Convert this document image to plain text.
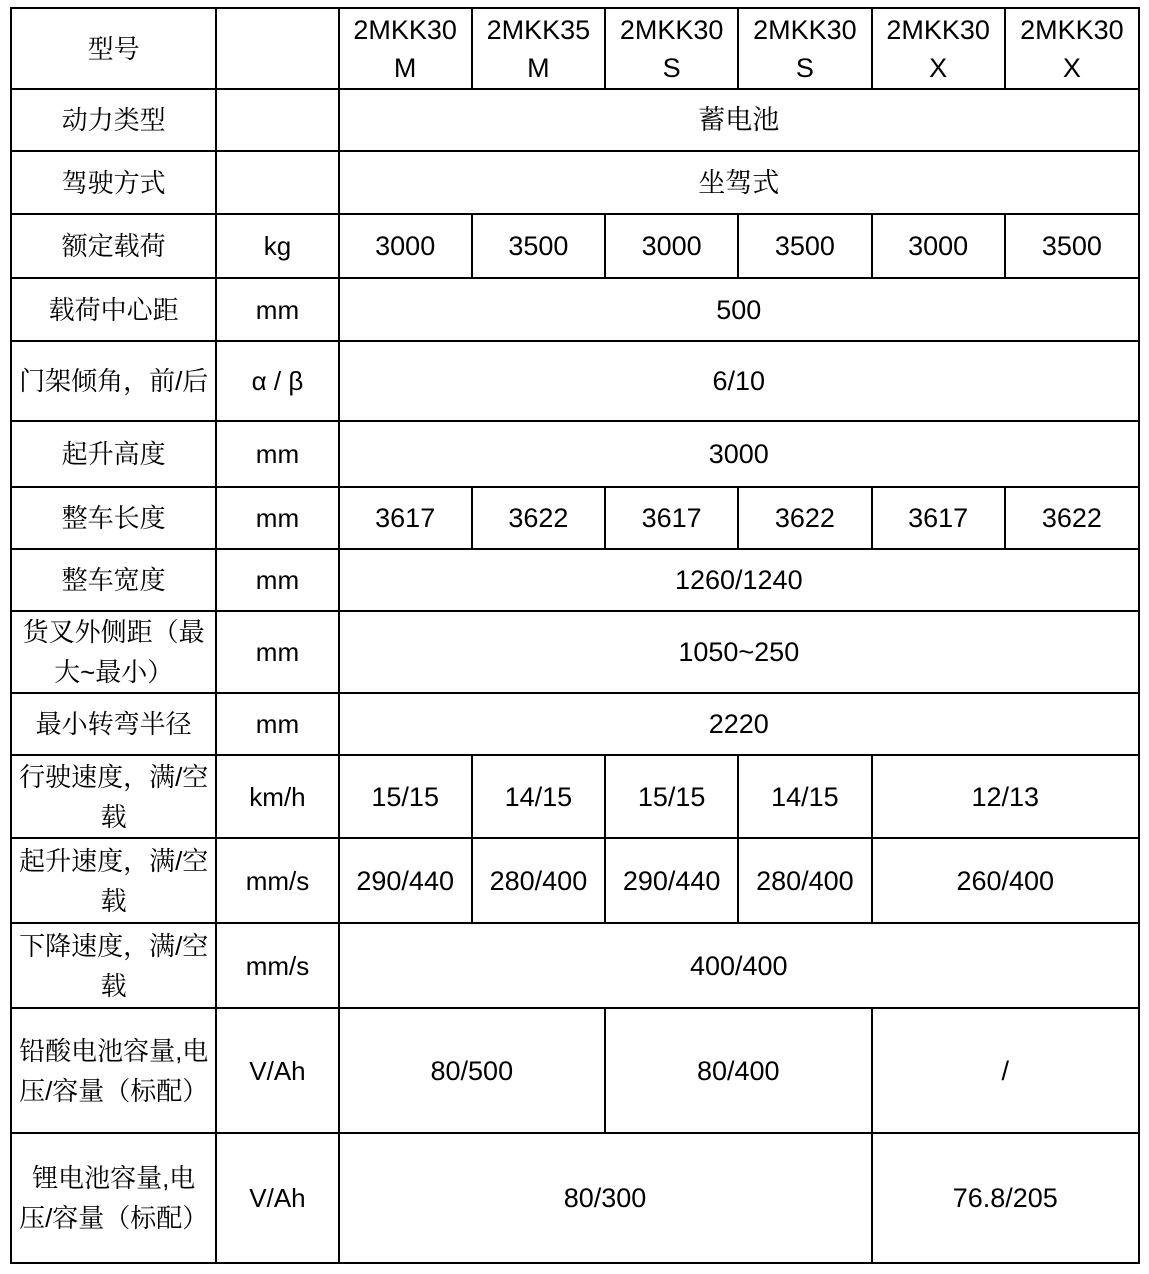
型号		2MKK30M	2MKK35M	2MKK30S	2MKK30S	2MKK30X	2MKK30X
动力类型		蓄电池					
驾驶方式		坐驾式					
额定载荷	kg	3000	3500	3000	3500	3000	3500
载荷中心距	mm	500					
门架倾角，前/后	α / β	6/10					
起升高度	mm	3000					
整车长度	mm	3617	3622	3617	3622	3617	3622
整车宽度	mm	1260/1240					
货叉外侧距（最大~最小）	mm	1050~250					
最小转弯半径	mm	2220					
行驶速度，满/空载	km/h	15/15	14/15	15/15	14/15	12/13	
起升速度，满/空载	mm/s	290/440	280/400	290/440	280/400	260/400	
下降速度，满/空载	mm/s	400/400					
铅酸电池容量,电压/容量（标配）	V/Ah	80/500		80/400		/	
锂电池容量,电压/容量（标配）	V/Ah	80/300				76.8/205	
